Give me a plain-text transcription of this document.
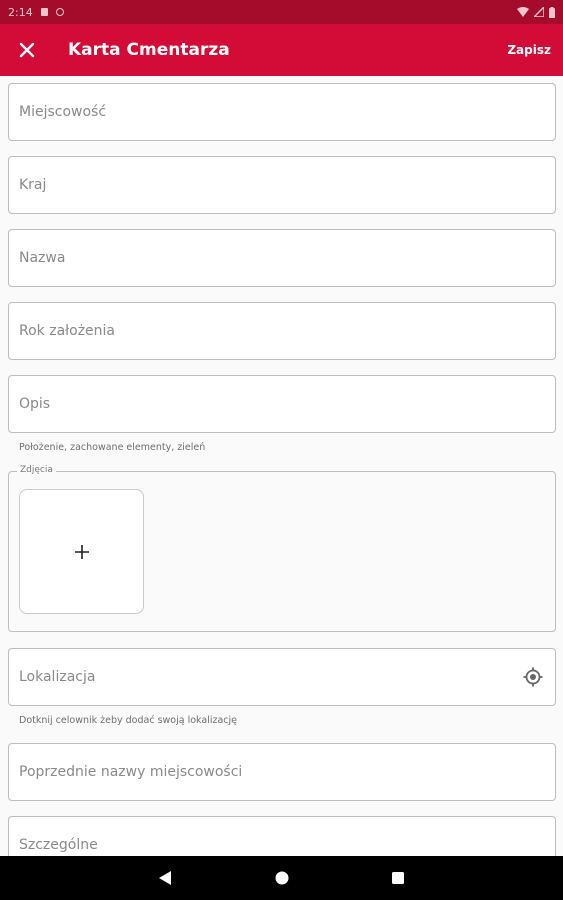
2:14
Karta Cmentarza	Zapisz
Miejscowość
Kraj
Nazwa
Rok założenia
Opis
Położenie, zachowane elementy, zieleń
Zdjęcia
Lokalizacja
Dotknij celownik żeby dodać swoją lokalizację
Poprzednie nazwy miejscowości
Szczególne
